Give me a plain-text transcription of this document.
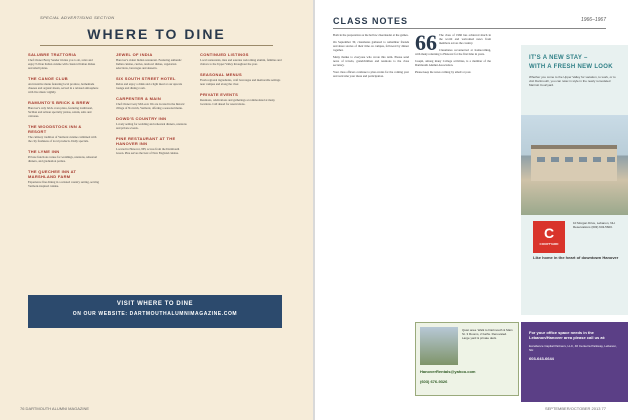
SPECIAL ADVERTISING SECTION
WHERE TO DINE
SALUBRE TRATTORIA

Chef Owner Barry Sender invites you to sit, relax and enjoy! Urban Italian cuisine with classical Italian dishes and small plates.

THE CANOE CLUB

An inventive menu featuring local produce, homemade cheeses and organic meats, served in a relaxed atmosphere with live music nightly.

RAMUNTO'S BRICK & BREW

Hanover's only brick oven pizza, featuring traditional, Sicilian and artisan specialty pizzas, salads, subs and calzones.

THE WOODSTOCK INN & RESORT

The culinary tradition of Vermont cuisine combined with the city freshness of local products. Daily specials.

THE LYME INN

Private functions venue for weddings, reunions, rehearsal dinners, and graduation parties.

THE QUECHEE INN AT MARSHLAND FARM

Experience fine dining in a relaxed country setting, serving Vermont-inspired cuisine.

JEWEL OF INDIA

Hanover's oldest Indian restaurant. Featuring authentic Indian cuisine, curries, tandoori dishes, vegetarian selections, beverages and desserts.

SIX SOUTH STREET HOTEL

Relax and enjoy a drink and a light meal at our upscale lounge and dining room.

CARPENTER & MAIN

Chef Owner Gary McLeod. We are located in the historic village of Norwich, Vermont, offering a seasonal menu.

DOWD'S COUNTRY INN

Lovely setting for wedding and rehearsal dinners, reunions and private events.

PINE RESTAURANT AT THE HANOVER INN

Located in Hanover, NH, across from the Dartmouth Green. Pine serves the best of New England cuisine.

CONTINUED LISTINGS

Local restaurants, inns and eateries welcoming alumni, families and visitors to the Upper Valley throughout the year.

SEASONAL MENUS

Fresh regional ingredients, craft beverages and memorable settings near campus and along the river.

PRIVATE EVENTS

Reunions, celebrations and gatherings accommodated at many locations. Call ahead for reservations.

VISIT WHERE TO DINE
ON OUR WEBSITE: DARTMOUTHALUMNIMAGAZINE.COM
76 DARTMOUTH ALUMNI MAGAZINE
CLASS NOTES	1966–1967

Both in the preparation as the hollow cheerleader at the games.

On September 30, classmates gathered to remember friends and share stories of their time on campus, followed by dinner together.

Many thanks to everyone who wrote this term. Please send news of travels, grandchildren and reunions to the class secretary.

Your class officers continue to plan events for the coming year and welcome your ideas and participation.

66 The class of 1966 has achieved much in the world and welcomed news from members across the country.

Classmates reconnected at homecoming, with many returning to Hanover for the first time in years.

Joseph, among many College activities, is a member of the Dartmouth Alumni Association.

Please keep the notes coming by email or post.

IT'S A NEW STAY –
WITH A FRESH NEW LOOK
Whether you come to the Upper Valley for vacation, to work, or to visit Dartmouth, you can relax in style in the newly remodeled Marriott Courtyard.
C
COURTYARD
Like home in the heart of downtown Hanover
10 Morgan Drive, Lebanon, NH. Reservations (603) 643-5600.
Quiet area. Walk to Dartmouth & Main St. 3 Rooms, 2 baths. Renovated. Large yard & private deck.
HanoverRentals@yahoo.com
(603) 676-9326
For your office space needs in the Lebanon/Hanover area please call us at:
Excellence Capital Partners, LLC, 46 Centerra Parkway, Lebanon, NH
603-643-6644
SEPTEMBER/OCTOBER 2013 77
